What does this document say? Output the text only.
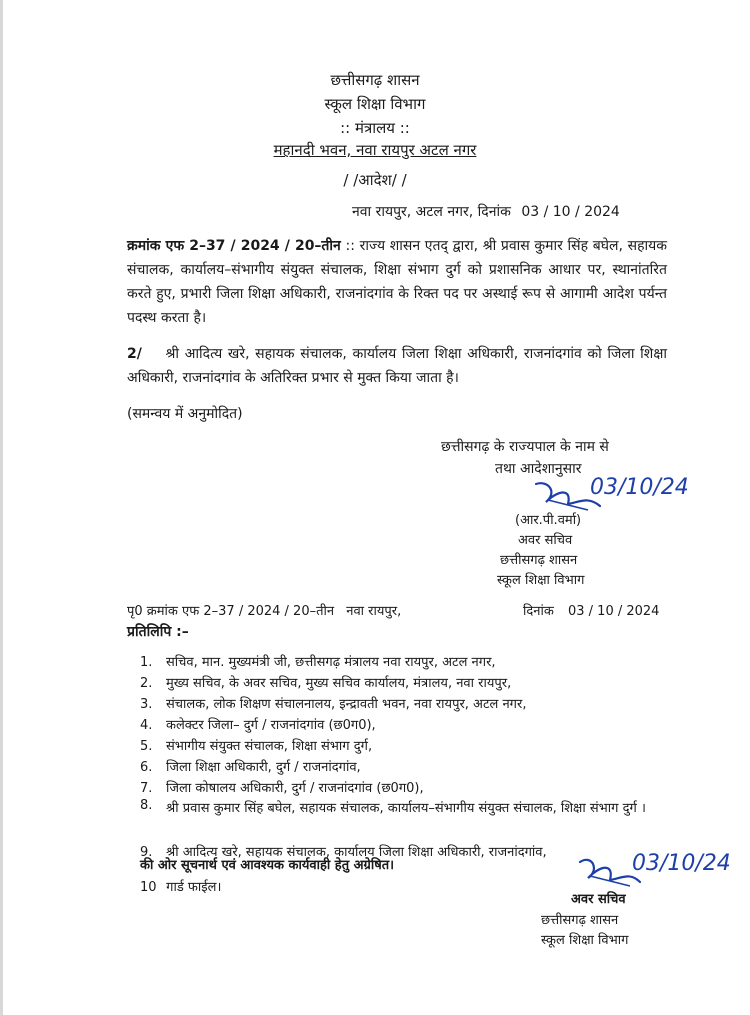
छत्तीसगढ़ शासन
स्कूल शिक्षा विभाग
:: मंत्रालय ::
महानदी भवन, नवा रायपुर अटल नगर
/ /आदेश/ /
नवा रायपुर, अटल नगर, दिनांक 03 / 10 / 2024
क्रमांक एफ 2–37 / 2024 / 20–तीन :: राज्य शासन एतद् द्वारा, श्री प्रवास कुमार सिंह बघेल, सहायक संचालक, कार्यालय–संभागीय संयुक्त संचालक, शिक्षा संभाग दुर्ग को प्रशासनिक आधार पर, स्थानांतरित करते हुए, प्रभारी जिला शिक्षा अधिकारी, राजनांदगांव के रिक्त पद पर अस्थाई रूप से आगामी आदेश पर्यन्त पदस्थ करता है।
2/ श्री आदित्य खरे, सहायक संचालक, कार्यालय जिला शिक्षा अधिकारी, राजनांदगांव को जिला शिक्षा अधिकारी, राजनांदगांव के अतिरिक्त प्रभार से मुक्त किया जाता है।
(समन्वय में अनुमोदित)
छत्तीसगढ़ के राज्यपाल के नाम से
तथा आदेशानुसार
03/10/24
(आर.पी.वर्मा)
अवर सचिव
छत्तीसगढ़ शासन
स्कूल शिक्षा विभाग
पृ0 क्रमांक एफ 2–37 / 2024 / 20–तीन नवा रायपुर,	दिनांक 03 / 10 / 2024
प्रतिलिपि :–
1. सचिव, मान. मुख्यमंत्री जी, छत्तीसगढ़ मंत्रालय नवा रायपुर, अटल नगर,
2. मुख्य सचिव, के अवर सचिव, मुख्य सचिव कार्यालय, मंत्रालय, नवा रायपुर,
3. संचालक, लोक शिक्षण संचालनालय, इन्द्रावती भवन, नवा रायपुर, अटल नगर,
4. कलेक्टर जिला– दुर्ग / राजनांदगांव (छ0ग0),
5. संभागीय संयुक्त संचालक, शिक्षा संभाग दुर्ग,
6. जिला शिक्षा अधिकारी, दुर्ग / राजनांदगांव,
7. जिला कोषालय अधिकारी, दुर्ग / राजनांदगांव (छ0ग0),
8. श्री प्रवास कुमार सिंह बघेल, सहायक संचालक, कार्यालय–संभागीय संयुक्त संचालक, शिक्षा संभाग दुर्ग ।
9. श्री आदित्य खरे, सहायक संचालक, कार्यालय जिला शिक्षा अधिकारी, राजनांदगांव,
की ओर सूचनार्थ एवं आवश्यक कार्यवाही हेतु अग्रेषित।
10 गार्ड फाईल।
03/10/24
अवर सचिव
छत्तीसगढ़ शासन
स्कूल शिक्षा विभाग
